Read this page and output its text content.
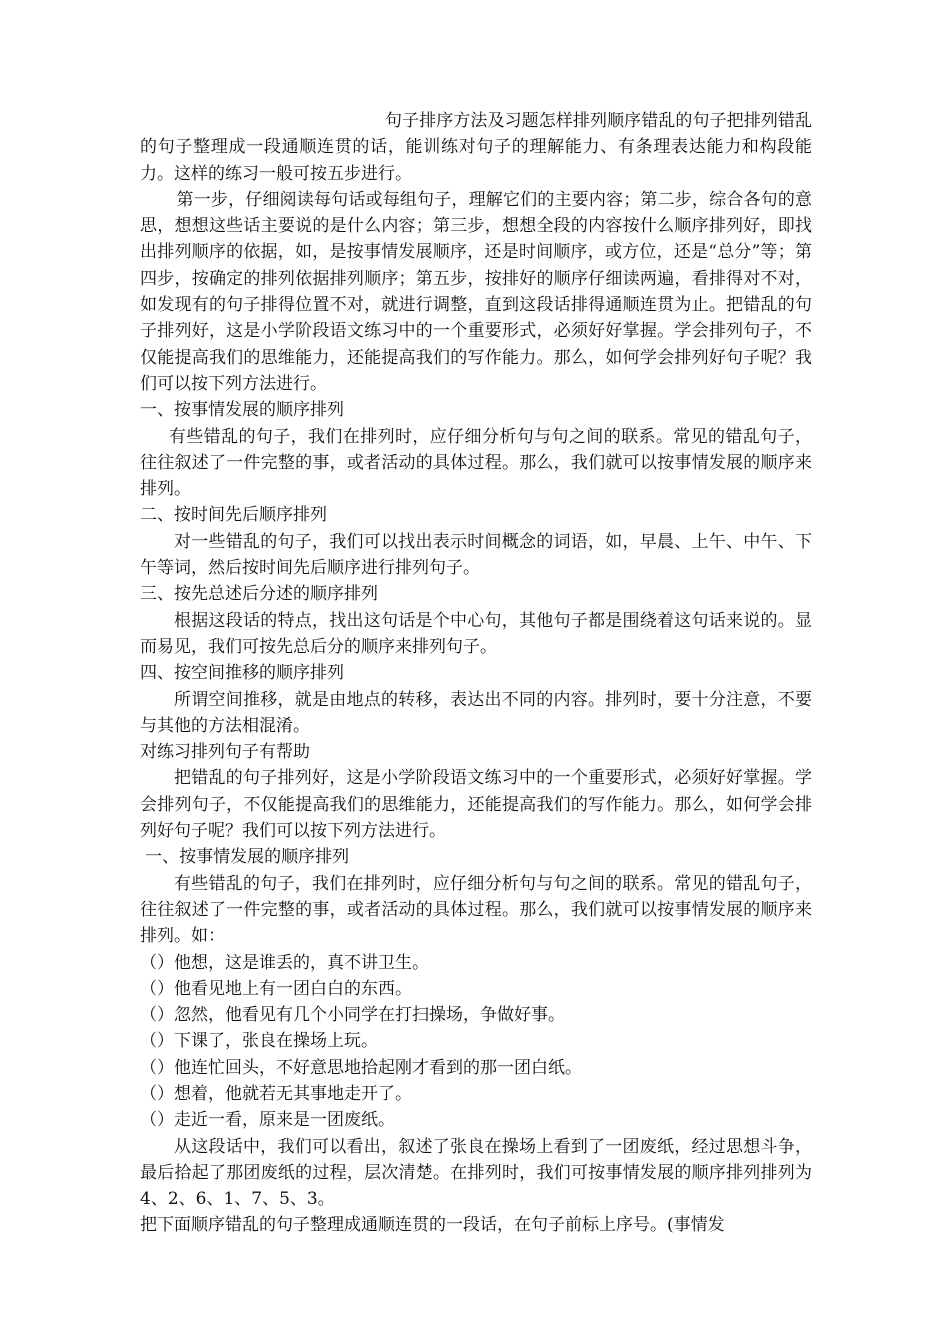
句子排序方法及习题怎样排列顺序错乱的句子把排列错乱的句子整理成一段通顺连贯的话，能训练对句子的理解能力、有条理表达能力和构段能力。这样的练习一般可按五步进行。

第一步，仔细阅读每句话或每组句子，理解它们的主要内容；第二步，综合各句的意思，想想这些话主要说的是什么内容；第三步，想想全段的内容按什么顺序排列好，即找出排列顺序的依据，如，是按事情发展顺序，还是时间顺序，或方位，还是“总分”等；第四步，按确定的排列依据排列顺序；第五步，按排好的顺序仔细读两遍，看排得对不对，如发现有的句子排得位置不对，就进行调整，直到这段话排得通顺连贯为止。把错乱的句子排列好，这是小学阶段语文练习中的一个重要形式，必须好好掌握。学会排列句子，不仅能提高我们的思维能力，还能提高我们的写作能力。那么，如何学会排列好句子呢？我们可以按下列方法进行。

一、按事情发展的顺序排列

有些错乱的句子，我们在排列时，应仔细分析句与句之间的联系。常见的错乱句子，往往叙述了一件完整的事，或者活动的具体过程。那么，我们就可以按事情发展的顺序来排列。

二、按时间先后顺序排列

对一些错乱的句子，我们可以找出表示时间概念的词语，如，早晨、上午、中午、下午等词，然后按时间先后顺序进行排列句子。

三、按先总述后分述的顺序排列

根据这段话的特点，找出这句话是个中心句，其他句子都是围绕着这句话来说的。显而易见，我们可按先总后分的顺序来排列句子。

四、按空间推移的顺序排列

所谓空间推移，就是由地点的转移，表达出不同的内容。排列时，要十分注意，不要与其他的方法相混淆。

对练习排列句子有帮助

把错乱的句子排列好，这是小学阶段语文练习中的一个重要形式，必须好好掌握。学会排列句子，不仅能提高我们的思维能力，还能提高我们的写作能力。那么，如何学会排列好句子呢？我们可以按下列方法进行。

一、按事情发展的顺序排列

有些错乱的句子，我们在排列时，应仔细分析句与句之间的联系。常见的错乱句子，往往叙述了一件完整的事，或者活动的具体过程。那么，我们就可以按事情发展的顺序来排列。如：

（）他想，这是谁丢的，真不讲卫生。

（）他看见地上有一团白白的东西。

（）忽然，他看见有几个小同学在打扫操场，争做好事。

（）下课了，张良在操场上玩。

（）他连忙回头，不好意思地拾起刚才看到的那一团白纸。

（）想着，他就若无其事地走开了。

（）走近一看，原来是一团废纸。

从这段话中，我们可以看出，叙述了张良在操场上看到了一团废纸，经过思想斗争，最后拾起了那团废纸的过程，层次清楚。在排列时，我们可按事情发展的顺序排列排列为4、2、6、1、7、5、3。

把下面顺序错乱的句子整理成通顺连贯的一段话，在句子前标上序号。(事情发
